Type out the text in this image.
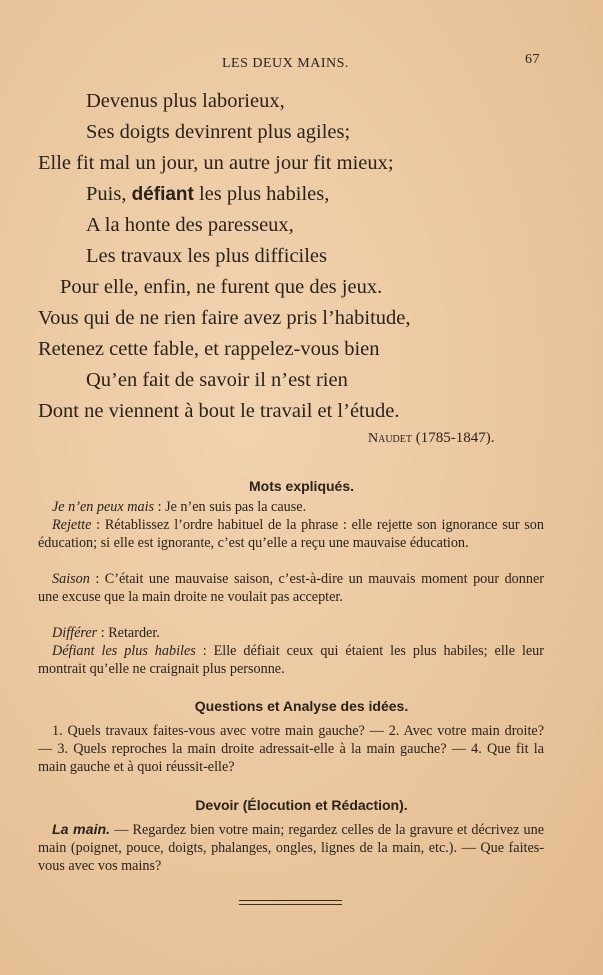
LES DEUX MAINS.	67
Devenus plus laborieux,
Ses doigts devinrent plus agiles;
Elle fit mal un jour, un autre jour fit mieux;
Puis, défiant les plus habiles,
A la honte des paresseux,
Les travaux les plus difficiles
Pour elle, enfin, ne furent que des jeux.
Vous qui de ne rien faire avez pris l’habitude,
Retenez cette fable, et rappelez-vous bien
Qu’en fait de savoir il n’est rien
Dont ne viennent à bout le travail et l’étude.
Naudet (1785-1847).
Mots expliqués.
Je n’en peux mais : Je n’en suis pas la cause.
Rejette : Rétablissez l’ordre habituel de la phrase : elle rejette son ignorance sur son éducation; si elle est ignorante, c’est qu’elle a reçu une mauvaise éducation.
Saison : C’était une mauvaise saison, c’est-à-dire un mauvais moment pour donner une excuse que la main droite ne voulait pas accepter.
Différer : Retarder.
Défiant les plus habiles : Elle défiait ceux qui étaient les plus habiles; elle leur montrait qu’elle ne craignait plus personne.
Questions et Analyse des idées.
1. Quels travaux faites-vous avec votre main gauche? — 2. Avec votre main droite? — 3. Quels reproches la main droite adressait-elle à la main gauche? — 4. Que fit la main gauche et à quoi réussit-elle?
Devoir (Élocution et Rédaction).
La main. — Regardez bien votre main; regardez celles de la gravure et décrivez une main (poignet, pouce, doigts, phalanges, ongles, lignes de la main, etc.). — Que faites-vous avec vos mains?
